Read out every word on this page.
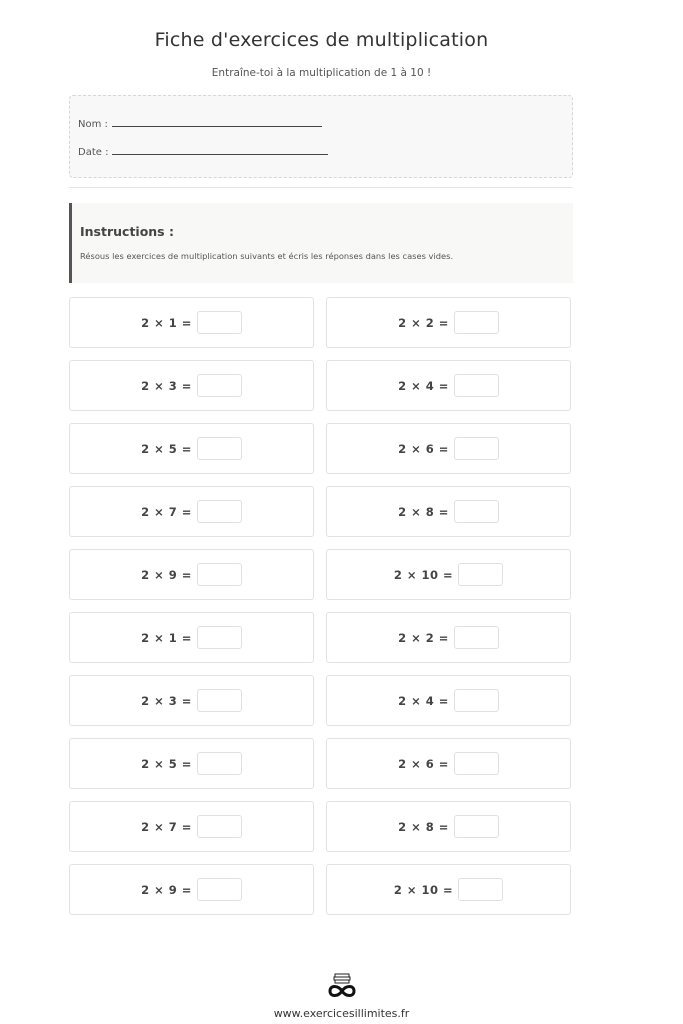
Fiche d'exercices de multiplication
Entraîne-toi à la multiplication de 1 à 10 !
Nom :
Date :
Instructions :
Résous les exercices de multiplication suivants et écris les réponses dans les cases vides.
2 × 1 =	2 × 2 =
2 × 3 =	2 × 4 =
2 × 5 =	2 × 6 =
2 × 7 =	2 × 8 =
2 × 9 =	2 × 10 =
2 × 1 =	2 × 2 =
2 × 3 =	2 × 4 =
2 × 5 =	2 × 6 =
2 × 7 =	2 × 8 =
2 × 9 =	2 × 10 =
www.exercicesillimites.fr
